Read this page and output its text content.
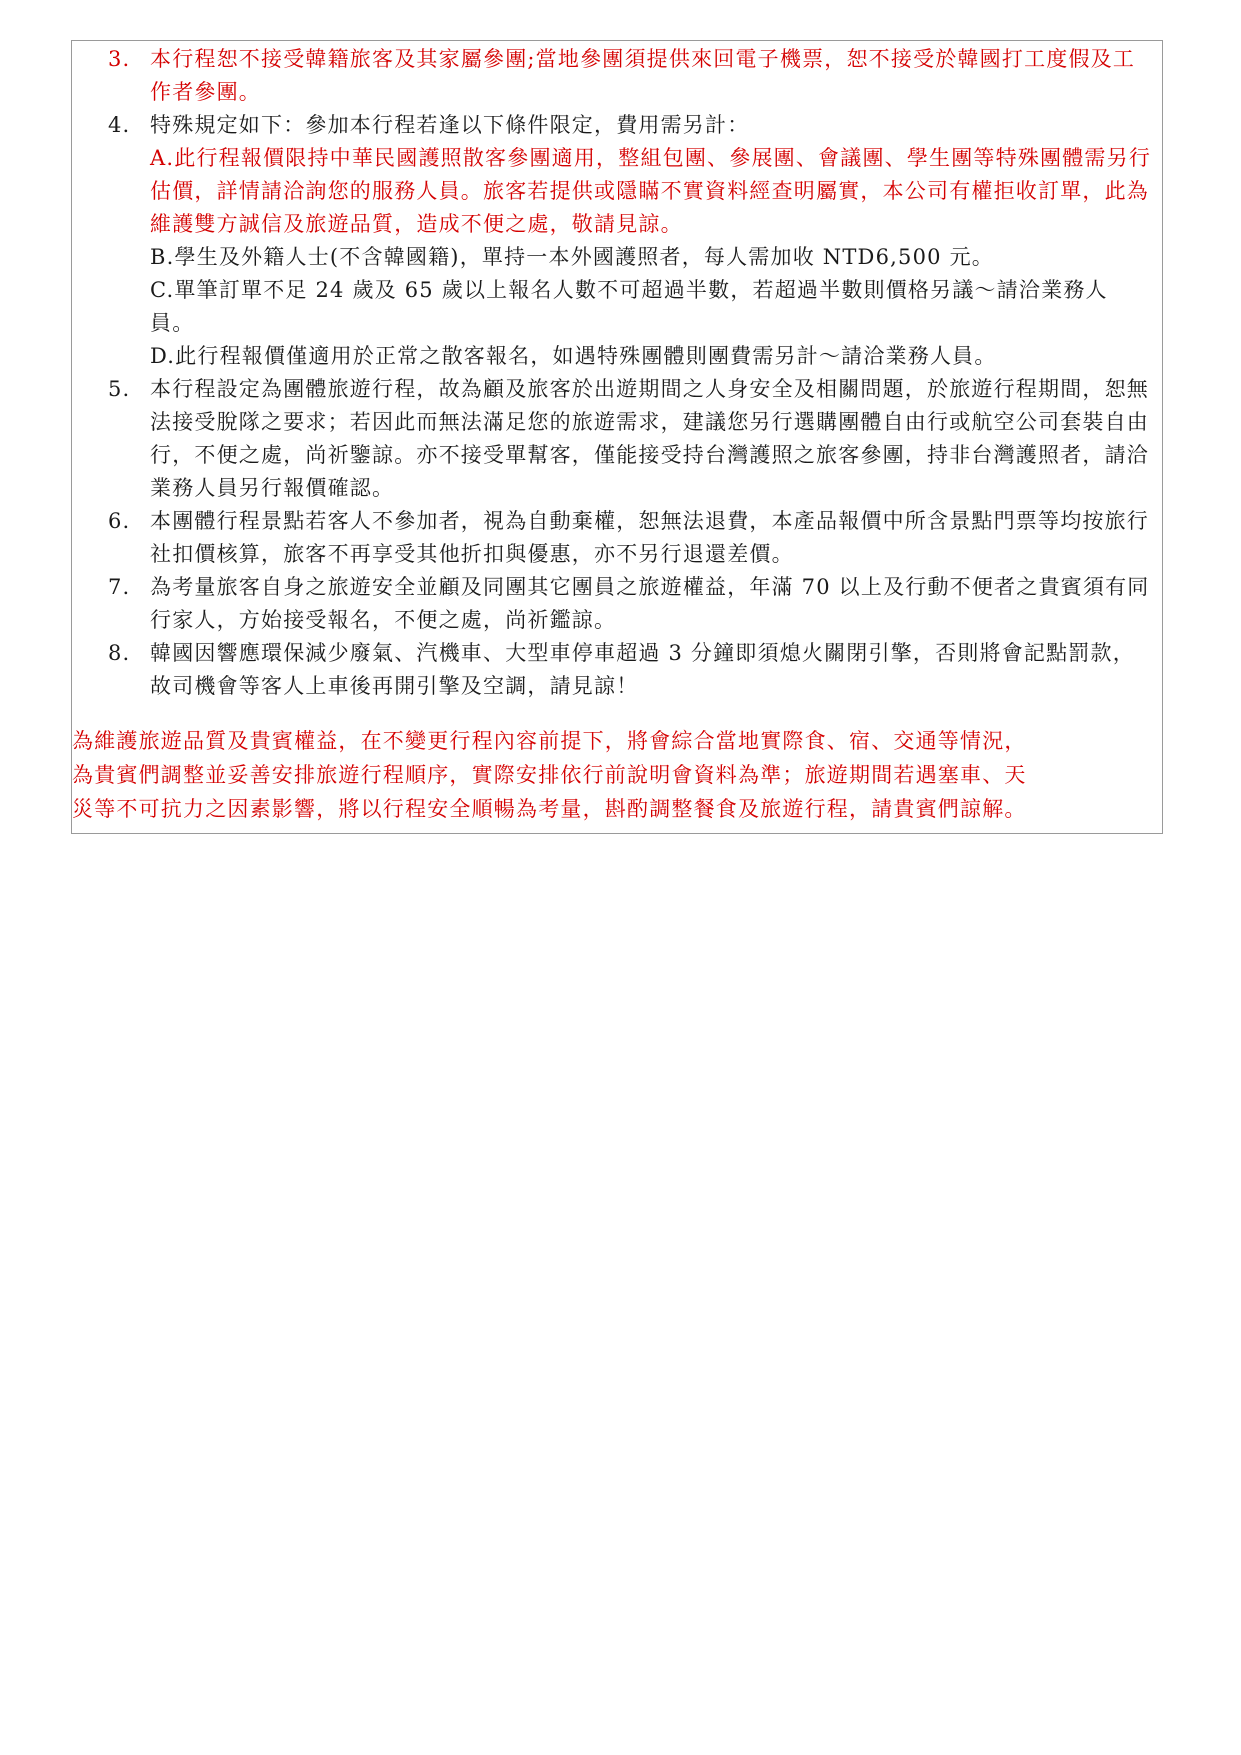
3. 本行程恕不接受韓籍旅客及其家屬參團;當地參團須提供來回電子機票，恕不接受於韓國打工度假及工作者參團。
4. 特殊規定如下：參加本行程若逢以下條件限定，費用需另計：
A.此行程報價限持中華民國護照散客參團適用，整組包團、參展團、會議團、學生團等特殊團體需另行估價，詳情請洽詢您的服務人員。旅客若提供或隱瞞不實資料經查明屬實，本公司有權拒收訂單，此為維護雙方誠信及旅遊品質，造成不便之處，敬請見諒。
B.學生及外籍人士(不含韓國籍)，單持一本外國護照者，每人需加收 NTD6,500 元。
C.單筆訂單不足 24 歲及 65 歲以上報名人數不可超過半數，若超過半數則價格另議～請洽業務人員。
D.此行程報價僅適用於正常之散客報名，如遇特殊團體則團費需另計～請洽業務人員。
5. 本行程設定為團體旅遊行程，故為顧及旅客於出遊期間之人身安全及相關問題，於旅遊行程期間，恕無法接受脫隊之要求；若因此而無法滿足您的旅遊需求，建議您另行選購團體自由行或航空公司套裝自由行，不便之處，尚祈鑒諒。亦不接受單幫客，僅能接受持台灣護照之旅客參團，持非台灣護照者，請洽業務人員另行報價確認。
6. 本團體行程景點若客人不參加者，視為自動棄權，恕無法退費，本產品報價中所含景點門票等均按旅行社扣價核算，旅客不再享受其他折扣與優惠，亦不另行退還差價。
7. 為考量旅客自身之旅遊安全並顧及同團其它團員之旅遊權益，年滿 70 以上及行動不便者之貴賓須有同行家人，方始接受報名，不便之處，尚祈鑑諒。
8. 韓國因響應環保減少廢氣、汽機車、大型車停車超過 3 分鐘即須熄火關閉引擎，否則將會記點罰款，故司機會等客人上車後再開引擎及空調，請見諒！
為維護旅遊品質及貴賓權益，在不變更行程內容前提下，將會綜合當地實際食、宿、交通等情況，
為貴賓們調整並妥善安排旅遊行程順序，實際安排依行前說明會資料為準；旅遊期間若遇塞車、天
災等不可抗力之因素影響，將以行程安全順暢為考量，斟酌調整餐食及旅遊行程，請貴賓們諒解。
